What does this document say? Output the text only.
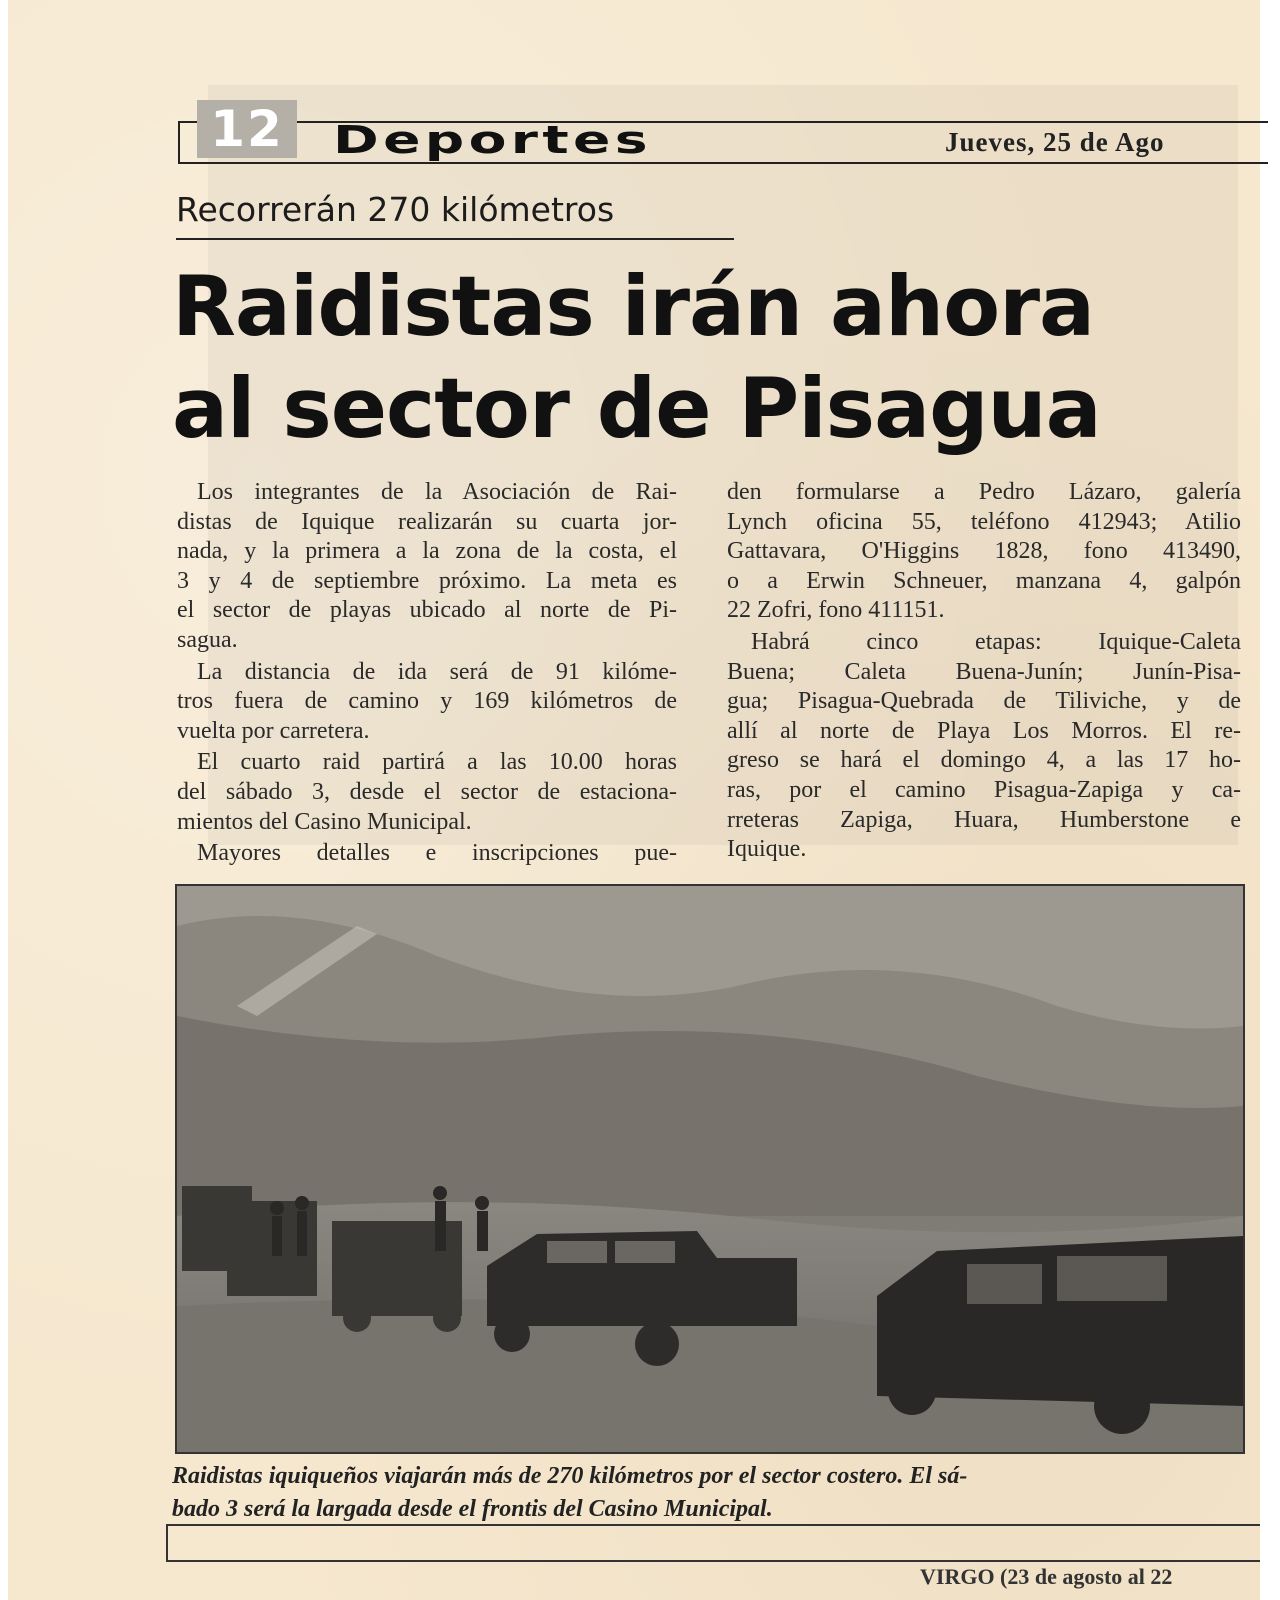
12	Deportes	Jueves, 25 de Ago
Recorrerán 270 kilómetros
Raidistas irán ahora
al sector de Pisagua
Los integrantes de la Asociación de Rai-
distas de Iquique realizarán su cuarta jor-
nada, y la primera a la zona de la costa, el
3 y 4 de septiembre próximo. La meta es
el sector de playas ubicado al norte de Pi-
sagua.
La distancia de ida será de 91 kilóme-
tros fuera de camino y 169 kilómetros de
vuelta por carretera.
El cuarto raid partirá a las 10.00 horas
del sábado 3, desde el sector de estaciona-
mientos del Casino Municipal.
Mayores detalles e inscripciones pue-
den formularse a Pedro Lázaro, galería
Lynch oficina 55, teléfono 412943; Atilio
Gattavara, O'Higgins 1828, fono 413490,
o a Erwin Schneuer, manzana 4, galpón
22 Zofri, fono 411151.
Habrá cinco etapas: Iquique-Caleta
Buena; Caleta Buena-Junín; Junín-Pisa-
gua; Pisagua-Quebrada de Tiliviche, y de
allí al norte de Playa Los Morros. El re-
greso se hará el domingo 4, a las 17 ho-
ras, por el camino Pisagua-Zapiga y ca-
rreteras Zapiga, Huara, Humberstone e
Iquique.
Raidistas iquiqueños viajarán más de 270 kilómetros por el sector costero. El sá-
bado 3 será la largada desde el frontis del Casino Municipal.
VIRGO (23 de agosto al 22
